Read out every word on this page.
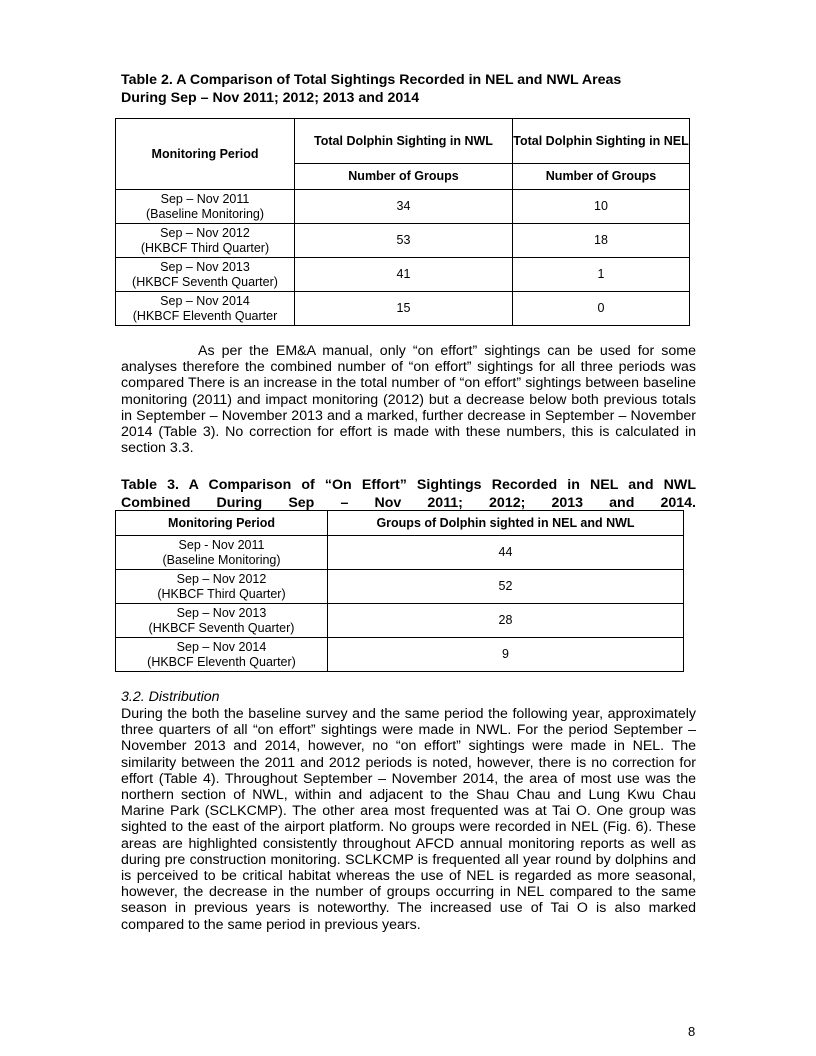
Table 2. A Comparison of Total Sightings Recorded in NEL and NWL Areas
During Sep – Nov 2011; 2012; 2013 and 2014
Monitoring Period	Total Dolphin Sighting in NWL	Total Dolphin Sighting in NEL
	Number of Groups	Number of Groups
Sep – Nov 2011
(Baseline Monitoring)	34	10
Sep – Nov 2012
(HKBCF Third Quarter)	53	18
Sep – Nov 2013
(HKBCF Seventh Quarter)	41	1
Sep – Nov 2014
(HKBCF Eleventh Quarter	15	0

As per the EM&A manual, only “on effort” sightings can be used for some analyses therefore the combined number of “on effort” sightings for all three periods was compared There is an increase in the total number of “on effort” sightings between baseline monitoring (2011) and impact monitoring (2012) but a decrease below both previous totals in September – November 2013 and a marked, further decrease in September – November 2014 (Table 3). No correction for effort is made with these numbers, this is calculated in section 3.3.

Table 3. A Comparison of “On Effort” Sightings Recorded in NEL and NWL
Combined During Sep – Nov 2011; 2012; 2013 and 2014.
Monitoring Period	Groups of Dolphin sighted in NEL and NWL
Sep - Nov 2011
(Baseline Monitoring)	44
Sep – Nov 2012
(HKBCF Third Quarter)	52
Sep – Nov 2013
(HKBCF Seventh Quarter)	28
Sep – Nov 2014
(HKBCF Eleventh Quarter)	9
3.2. Distribution

During the both the baseline survey and the same period the following year, approximately three quarters of all “on effort” sightings were made in NWL. For the period September – November 2013 and 2014, however, no “on effort” sightings were made in NEL. The similarity between the 2011 and 2012 periods is noted, however, there is no correction for effort (Table 4). Throughout September – November 2014, the area of most use was the northern section of NWL, within and adjacent to the Shau Chau and Lung Kwu Chau Marine Park (SCLKCMP). The other area most frequented was at Tai O. One group was sighted to the east of the airport platform. No groups were recorded in NEL (Fig. 6). These areas are highlighted consistently throughout AFCD annual monitoring reports as well as during pre construction monitoring. SCLKCMP is frequented all year round by dolphins and is perceived to be critical habitat whereas the use of NEL is regarded as more seasonal, however, the decrease in the number of groups occurring in NEL compared to the same season in previous years is noteworthy. The increased use of Tai O is also marked compared to the same period in previous years.

8
